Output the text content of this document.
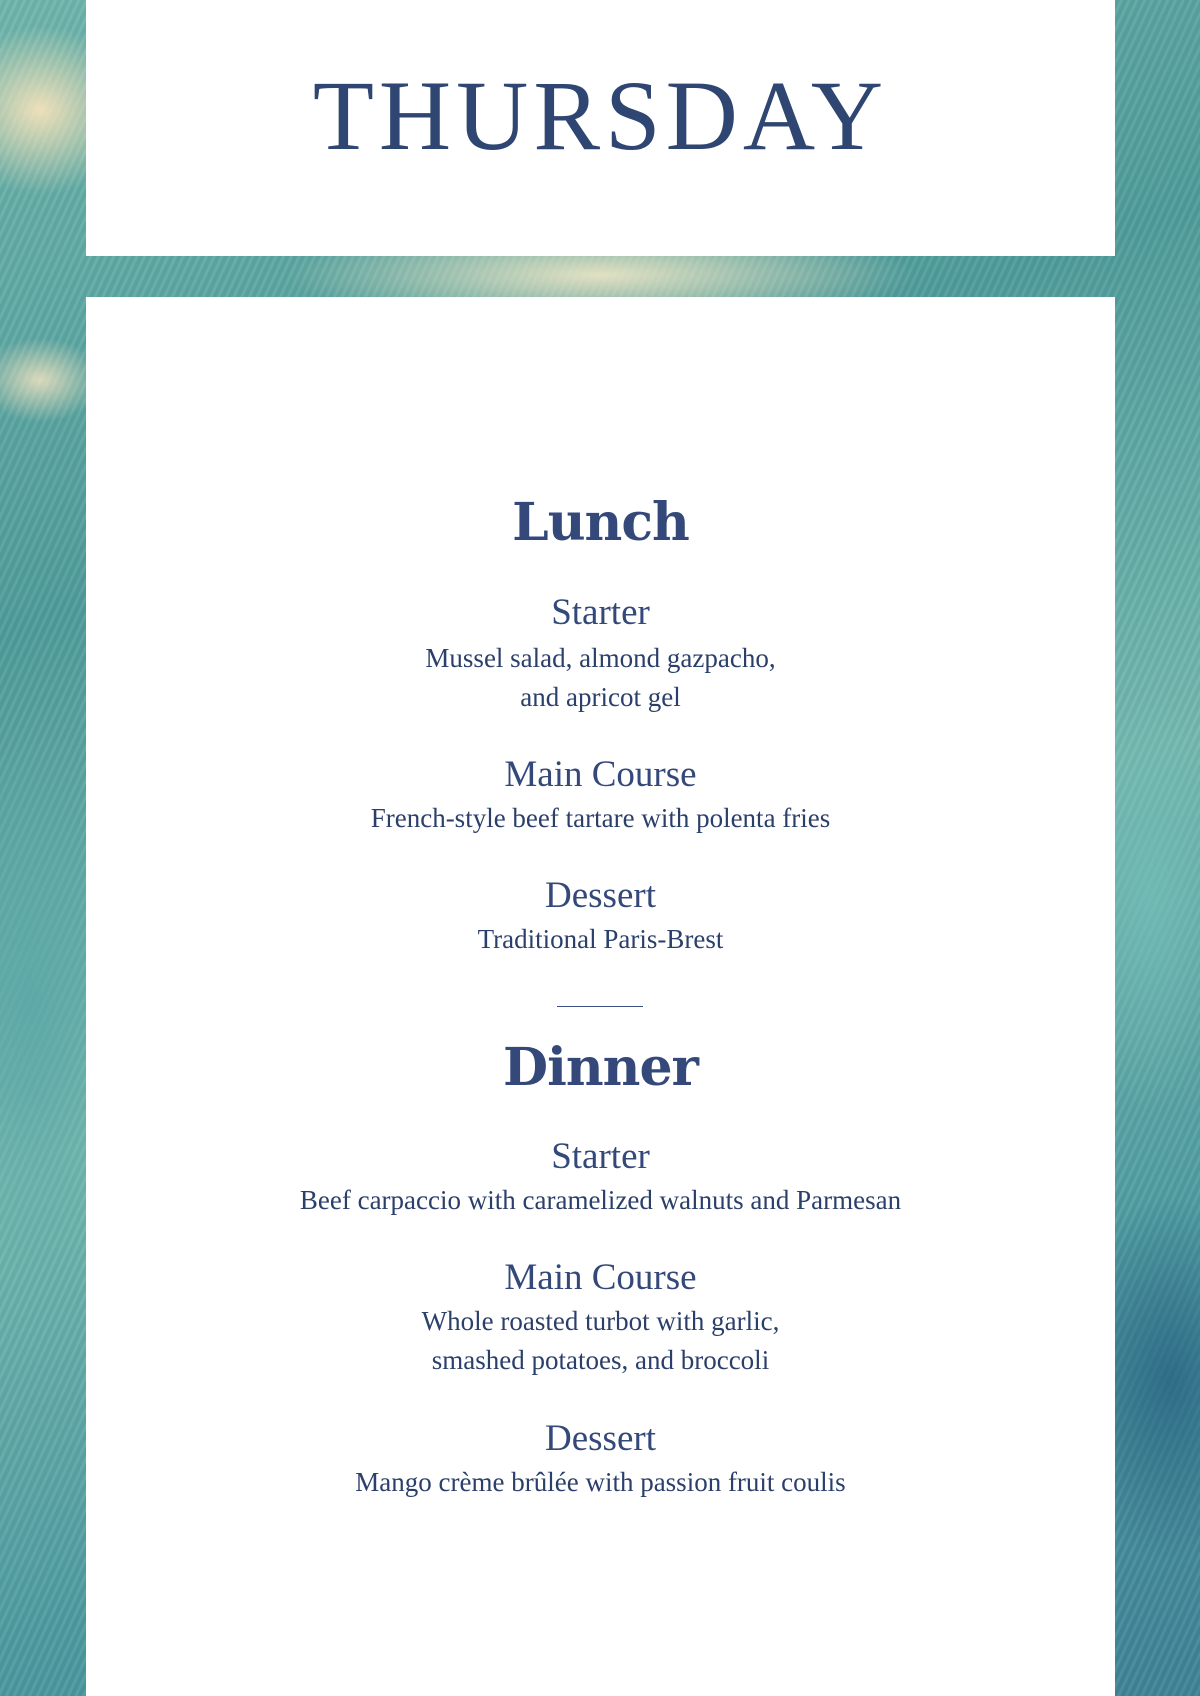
THURSDAY
Lunch
Starter
Mussel salad, almond gazpacho,
and apricot gel
Main Course
French-style beef tartare with polenta fries
Dessert
Traditional Paris-Brest
Dinner
Starter
Beef carpaccio with caramelized walnuts and Parmesan
Main Course
Whole roasted turbot with garlic,
smashed potatoes, and broccoli
Dessert
Mango crème brûlée with passion fruit coulis
